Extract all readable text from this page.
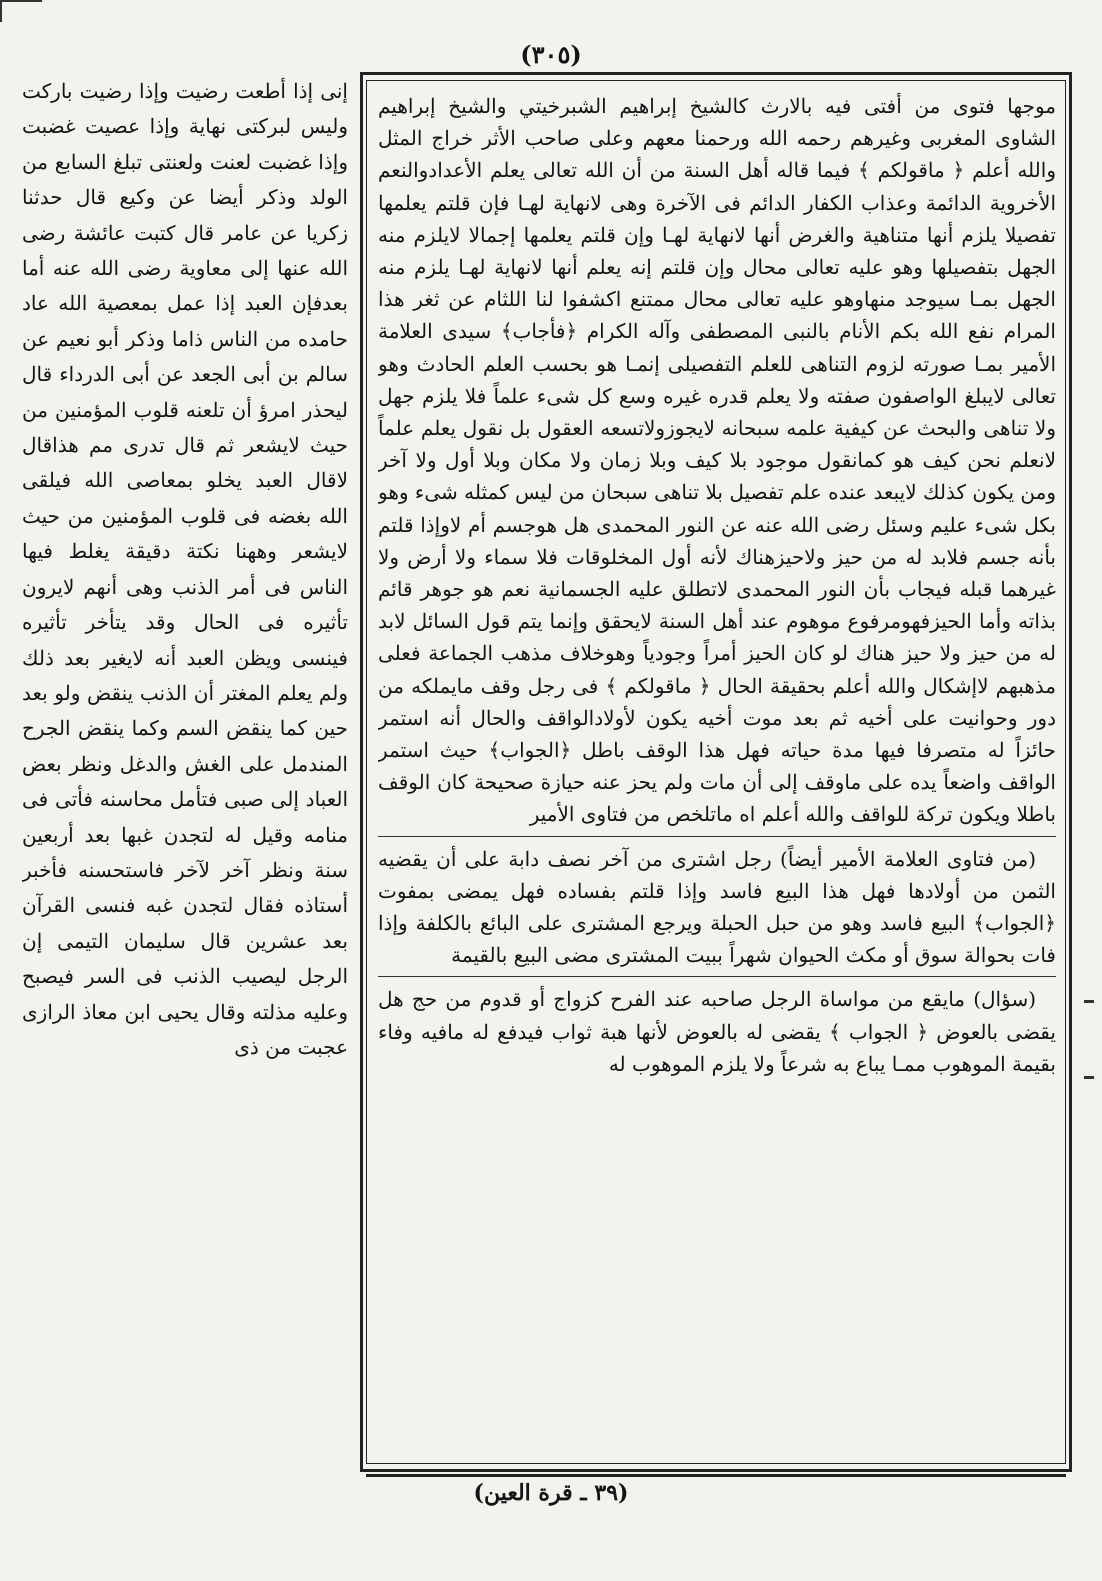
(٣٠٥)

موجها فتوى من أفتى فيه بالارث كالشيخ إبراهيم الشبرخيتي والشيخ إبراهيم الشاوى المغربى وغيرهم رحمه الله ورحمنا معهم وعلى صاحب الأثر خراج المثل والله أعلم ﴿ ماقولكم ﴾ فيما قاله أهل السنة من أن الله تعالى يعلم الأعدادوالنعم الأخروية الدائمة وعذاب الكفار الدائم فى الآخرة وهى لانهاية لهـا فإن قلتم يعلمها تفصيلا يلزم أنها متناهية والغرض أنها لانهاية لهـا وإن قلتم يعلمها إجمالا لايلزم منه الجهل بتفصيلها وهو عليه تعالى محال وإن قلتم إنه يعلم أنها لانهاية لهـا يلزم منه الجهل بمـا سيوجد منهاوهو عليه تعالى محال ممتنع اكشفوا لنا اللثام عن ثغر هذا المرام نفع الله بكم الأنام بالنبى المصطفى وآله الكرام ﴿فأجاب﴾ سيدى العلامة الأمير بمـا صورته لزوم التناهى للعلم التفصيلى إنمـا هو بحسب العلم الحادث وهو تعالى لايبلغ الواصفون صفته ولا يعلم قدره غيره وسع كل شىء علماً فلا يلزم جهل ولا تناهى والبحث عن كيفية علمه سبحانه لايجوزولاتسعه العقول بل نقول يعلم علماً لانعلم نحن كيف هو كمانقول موجود بلا كيف وبلا زمان ولا مكان وبلا أول ولا آخر ومن يكون كذلك لايبعد عنده علم تفصيل بلا تناهى سبحان من ليس كمثله شىء وهو بكل شىء عليم وسئل رضى الله عنه عن النور المحمدى هل هوجسم أم لاوإذا قلتم بأنه جسم فلابد له من حيز ولاحيزهناك لأنه أول المخلوقات فلا سماء ولا أرض ولا غيرهما قبله فيجاب بأن النور المحمدى لاتطلق عليه الجسمانية نعم هو جوهر قائم بذاته وأما الحيزفهومرفوع موهوم عند أهل السنة لايحقق وإنما يتم قول السائل لابد له من حيز ولا حيز هناك لو كان الحيز أمراً وجودياً وهوخلاف مذهب الجماعة فعلى مذهبهم لاإشكال والله أعلم بحقيقة الحال ﴿ ماقولكم ﴾ فى رجل وقف مايملكه من دور وحوانيت على أخيه ثم بعد موت أخيه يكون لأولادالواقف والحال أنه استمر حائزاً له متصرفا فيها مدة حياته فهل هذا الوقف باطل ﴿الجواب﴾ حيث استمر الواقف واضعاً يده على ماوقف إلى أن مات ولم يحز عنه حيازة صحيحة كان الوقف باطلا ويكون تركة للواقف والله أعلم اه ماتلخص من فتاوى الأمير

(من فتاوى العلامة الأمير أيضاً) رجل اشترى من آخر نصف دابة على أن يقضيه الثمن من أولادها فهل هذا البيع فاسد وإذا قلتم بفساده فهل يمضى بمفوت ﴿الجواب﴾ البيع فاسد وهو من حبل الحبلة ويرجع المشترى على البائع بالكلفة وإذا فات بحوالة سوق أو مكث الحيوان شهراً ببيت المشترى مضى البيع بالقيمة

(سؤال) مايقع من مواساة الرجل صاحبه عند الفرح كزواج أو قدوم من حج هل يقضى بالعوض ﴿ الجواب ﴾ يقضى له بالعوض لأنها هبة ثواب فيدفع له مافيه وفاء بقيمة الموهوب ممـا يباع به شرعاً ولا يلزم الموهوب له

إنى إذا أطعت رضيت وإذا رضيت باركت وليس لبركتى نهاية وإذا عصيت غضبت وإذا غضبت لعنت ولعنتى تبلغ السابع من الولد وذكر أيضا عن وكيع قال حدثنا زكريا عن عامر قال كتبت عائشة رضى الله عنها إلى معاوية رضى الله عنه أما بعدفإن العبد إذا عمل بمعصية الله عاد حامده من الناس ذاما وذكر أبو نعيم عن سالم بن أبى الجعد عن أبى الدرداء قال ليحذر امرؤ أن تلعنه قلوب المؤمنين من حيث لايشعر ثم قال تدرى مم هذاقال لاقال العبد يخلو بمعاصى الله فيلقى الله بغضه فى قلوب المؤمنين من حيث لايشعر وههنا نكتة دقيقة يغلط فيها الناس فى أمر الذنب وهى أنهم لايرون تأثيره فى الحال وقد يتأخر تأثيره فينسى ويظن العبد أنه لايغير بعد ذلك ولم يعلم المغتر أن الذنب ينقض ولو بعد حين كما ينقض السم وكما ينقض الجرح المندمل على الغش والدغل ونظر بعض العباد إلى صبى فتأمل محاسنه فأتى فى منامه وقيل له لتجدن غبها بعد أربعين سنة ونظر آخر لآخر فاستحسنه فأخبر أستاذه فقال لتجدن غبه فنسى القرآن بعد عشرين قال سليمان التيمى إن الرجل ليصيب الذنب فى السر فيصبح وعليه مذلته وقال يحيى ابن معاذ الرازى عجبت من ذى

(٣٩ ـ قرة العين)
